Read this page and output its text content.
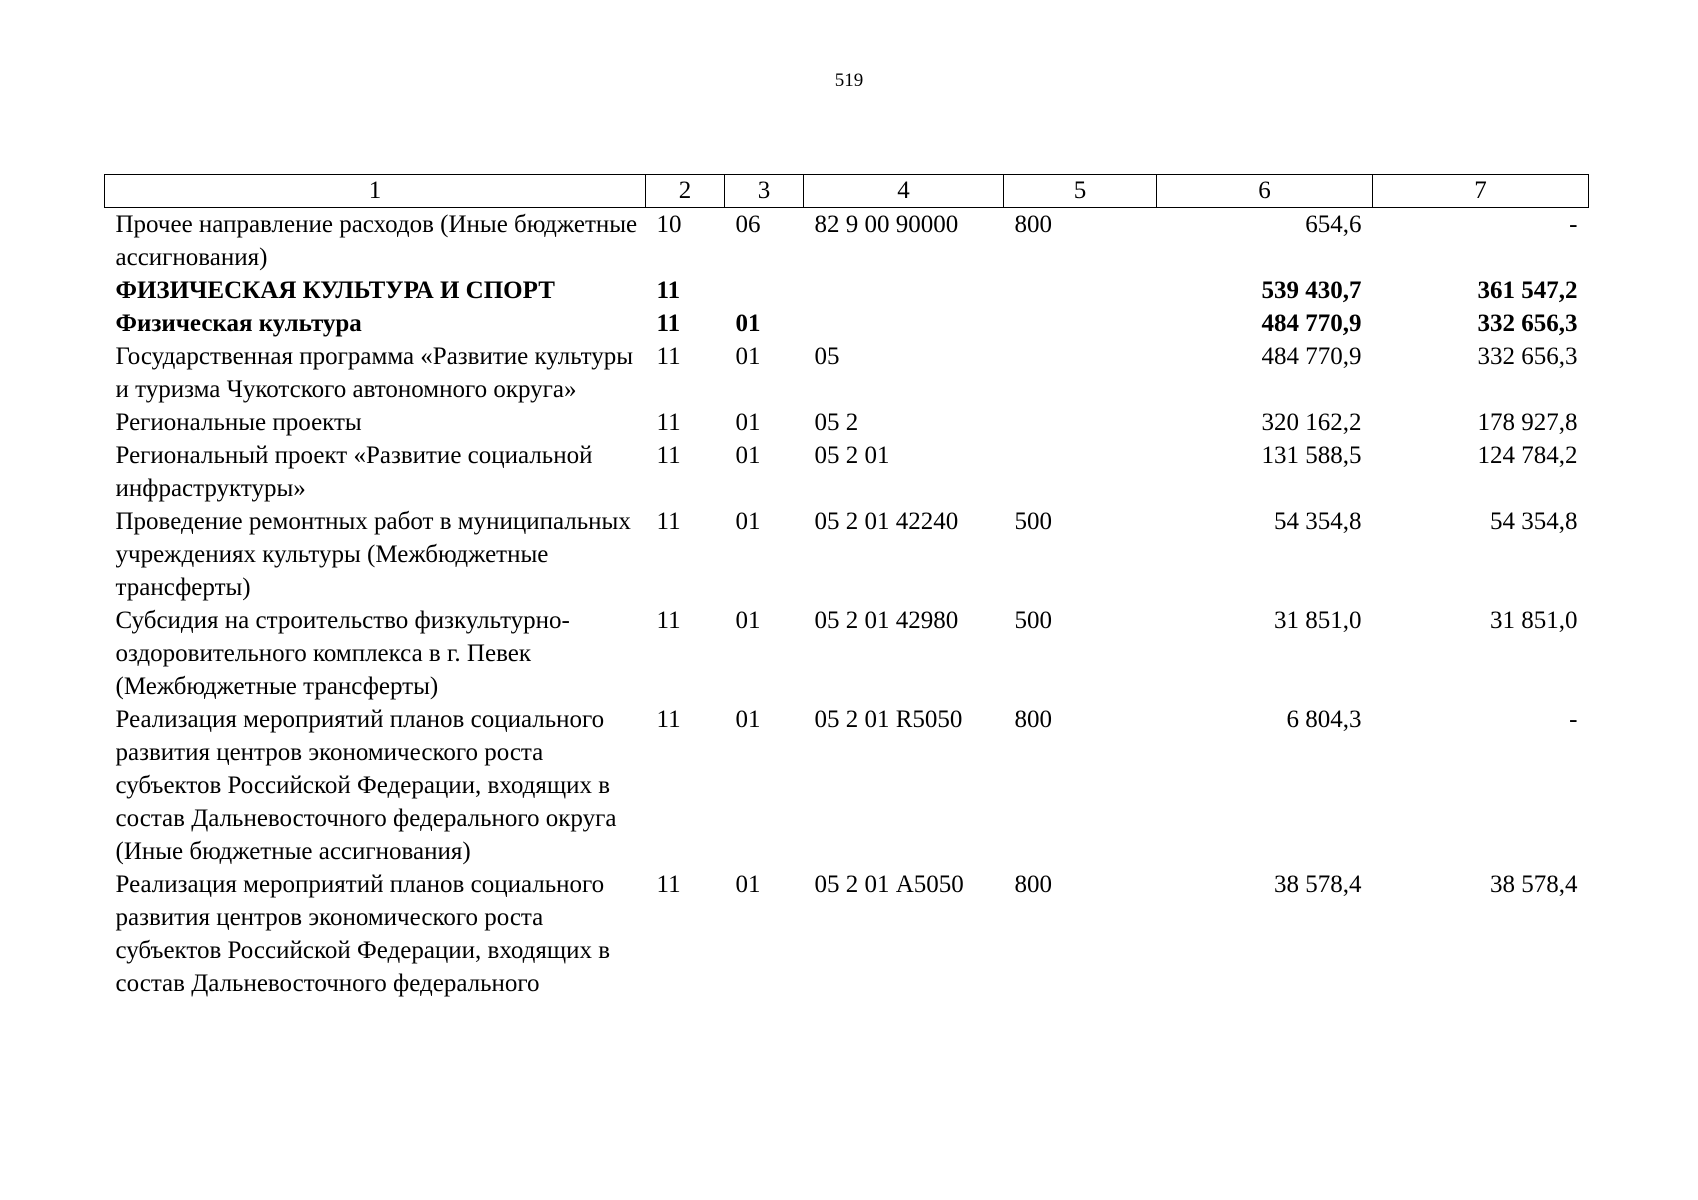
519
1	2	3	4	5	6	7
Прочее направление расходов (Иные бюджетные ассигнования)	10	06	82 9 00 90000	800	654,6	-
ФИЗИЧЕСКАЯ КУЛЬТУРА И СПОРТ	11				539 430,7	361 547,2
Физическая культура	11	01			484 770,9	332 656,3
Государственная программа «Развитие культуры и туризма Чукотского автономного округа»	11	01	05		484 770,9	332 656,3
Региональные проекты	11	01	05 2		320 162,2	178 927,8
Региональный проект «Развитие социальной инфраструктуры»	11	01	05 2 01		131 588,5	124 784,2
Проведение ремонтных работ в муниципальных учреждениях культуры (Межбюджетные трансферты)	11	01	05 2 01 42240	500	54 354,8	54 354,8
Субсидия на строительство физкультурно-оздоровительного комплекса в г. Певек (Межбюджетные трансферты)	11	01	05 2 01 42980	500	31 851,0	31 851,0
Реализация мероприятий планов социального развития центров экономического роста субъектов Российской Федерации, входящих в состав Дальневосточного федерального округа (Иные бюджетные ассигнования)	11	01	05 2 01 R5050	800	6 804,3	-
Реализация мероприятий планов социального развития центров экономического роста субъектов Российской Федерации, входящих в состав Дальневосточного федерального	11	01	05 2 01 А5050	800	38 578,4	38 578,4
